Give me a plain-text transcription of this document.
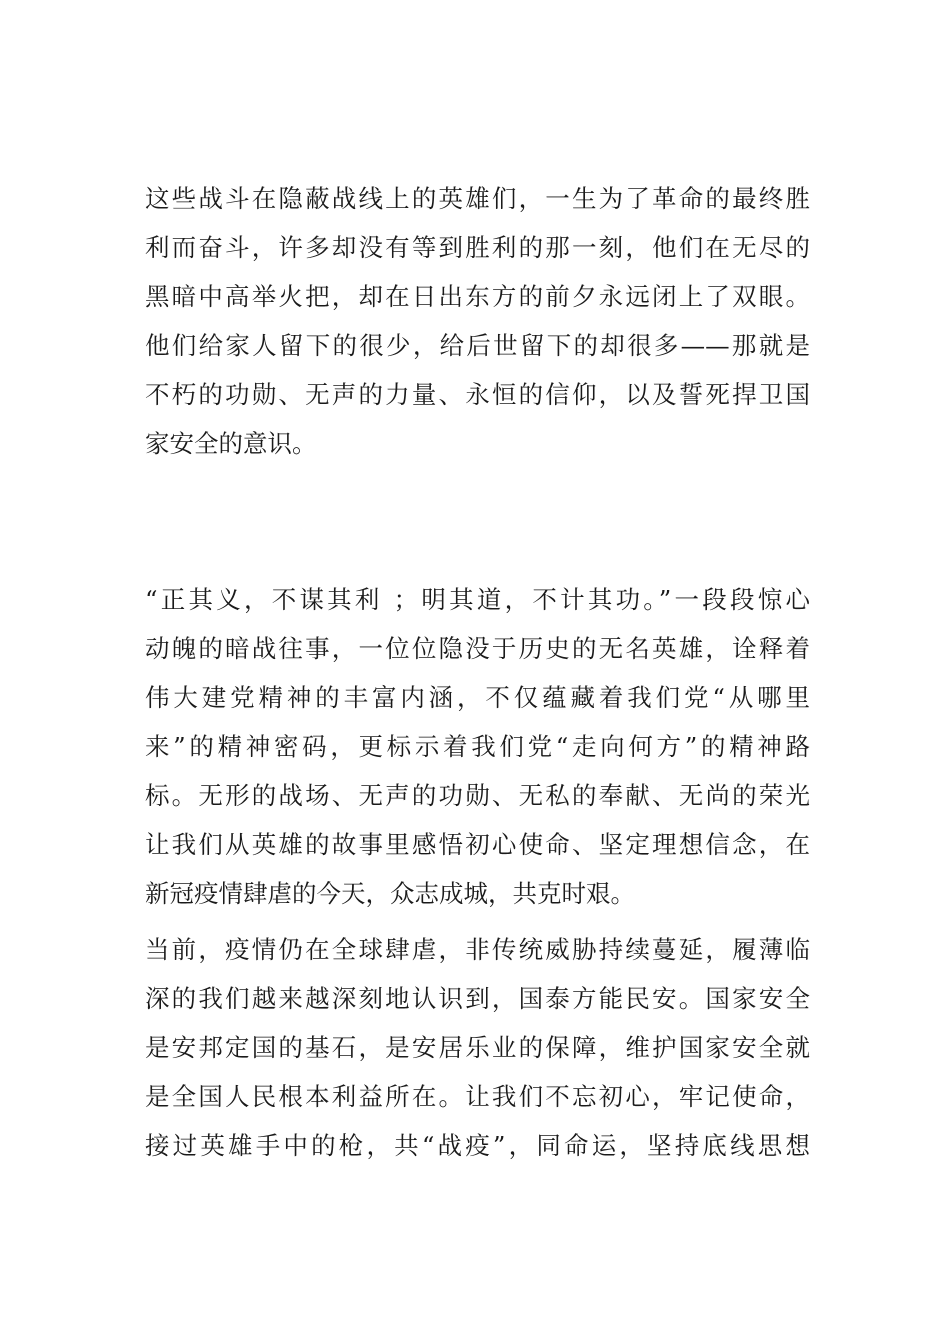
这些战斗在隐蔽战线上的英雄们，一生为了革命的最终胜
利而奋斗，许多却没有等到胜利的那一刻，他们在无尽的
黑暗中高举火把，却在日出东方的前夕永远闭上了双眼。
他们给家人留下的很少，给后世留下的却很多——那就是
不朽的功勋、无声的力量、永恒的信仰，以及誓死捍卫国
家安全的意识。

“正其义，不谋其利 ；明其道，不计其功。”一段段惊心
动魄的暗战往事，一位位隐没于历史的无名英雄，诠释着
伟大建党精神的丰富内涵，不仅蕴藏着我们党“从哪里
来”的精神密码，更标示着我们党“走向何方”的精神路
标。无形的战场、无声的功勋、无私的奉献、无尚的荣光
让我们从英雄的故事里感悟初心使命、坚定理想信念，在
新冠疫情肆虐的今天，众志成城，共克时艰。

当前，疫情仍在全球肆虐，非传统威胁持续蔓延，履薄临
深的我们越来越深刻地认识到，国泰方能民安。国家安全
是安邦定国的基石，是安居乐业的保障，维护国家安全就
是全国人民根本利益所在。让我们不忘初心，牢记使命，
接过英雄手中的枪，共“战疫”，同命运，坚持底线思想
